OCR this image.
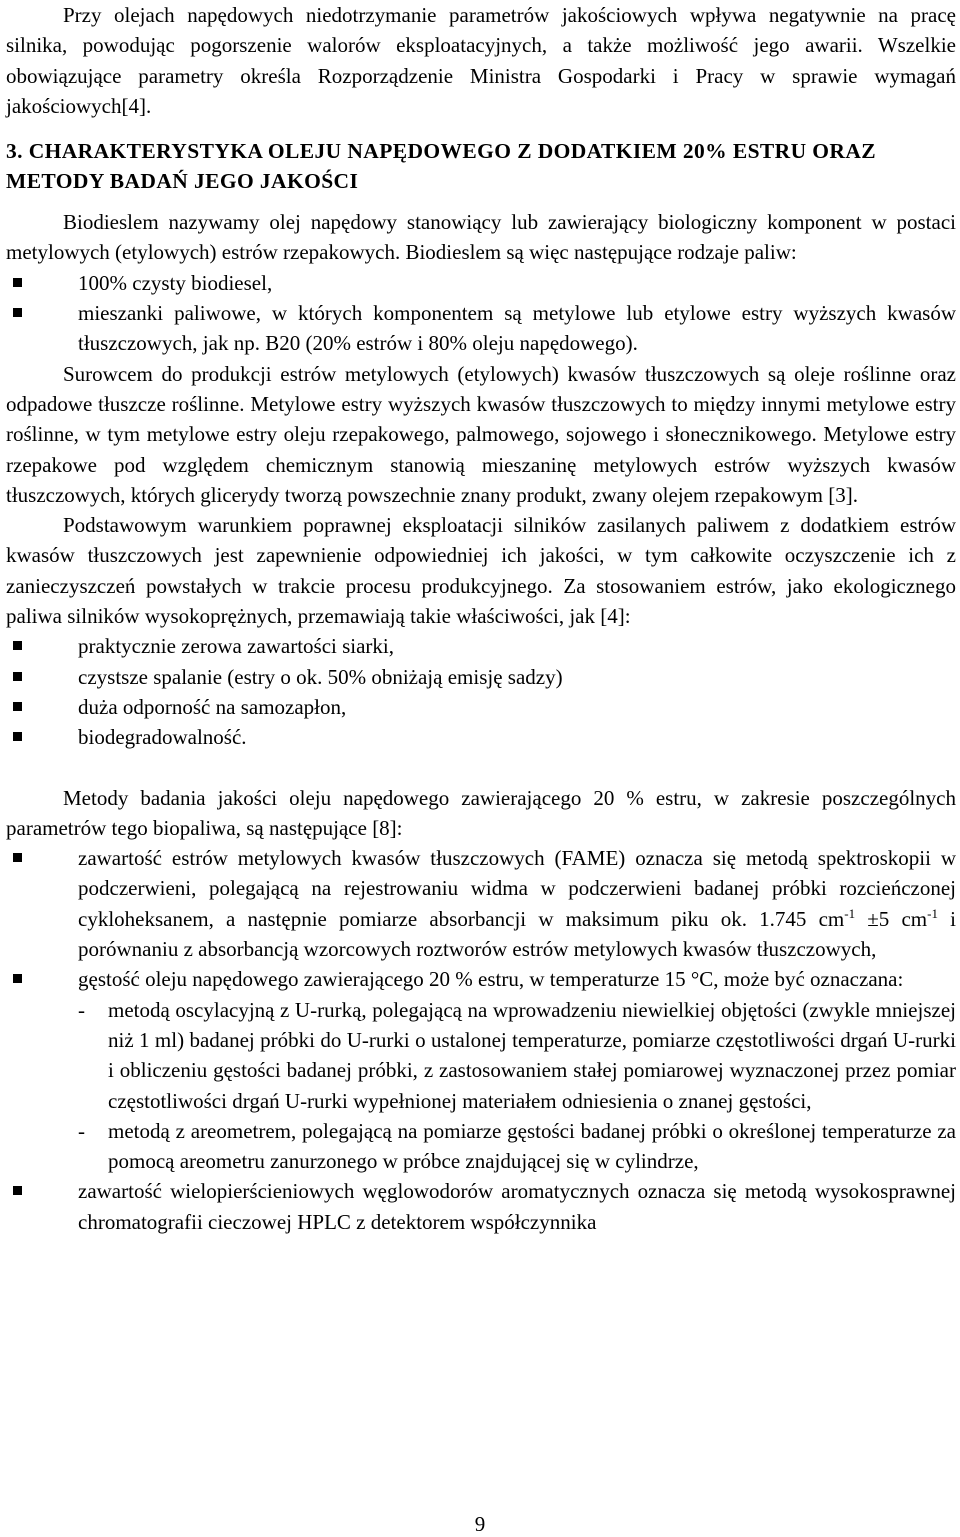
Przy olejach napędowych niedotrzymanie parametrów jakościowych wpływa negatywnie na pracę silnika, powodując pogorszenie walorów eksploatacyjnych, a także możliwość jego awarii. Wszelkie obowiązujące parametry określa Rozporządzenie Ministra Gospodarki i Pracy w sprawie wymagań jakościowych[4].

3. CHARAKTERYSTYKA OLEJU NAPĘDOWEGO Z DODATKIEM 20% ESTRU ORAZ METODY BADAŃ JEGO JAKOŚCI

Biodieslem nazywamy olej napędowy stanowiący lub zawierający biologiczny komponent w postaci metylowych (etylowych) estrów rzepakowych. Biodieslem są więc następujące rodzaje paliw:

100% czysty biodiesel,
mieszanki paliwowe, w których komponentem są metylowe lub etylowe estry wyższych kwasów tłuszczowych, jak np. B20 (20% estrów i 80% oleju napędowego).

Surowcem do produkcji estrów metylowych (etylowych) kwasów tłuszczowych są oleje roślinne oraz odpadowe tłuszcze roślinne. Metylowe estry wyższych kwasów tłuszczowych to między innymi metylowe estry roślinne, w tym metylowe estry oleju rzepakowego, palmowego, sojowego i słonecznikowego. Metylowe estry rzepakowe pod względem chemicznym stanowią mieszaninę metylowych estrów wyższych kwasów tłuszczowych, których glicerydy tworzą powszechnie znany produkt, zwany olejem rzepakowym [3].

Podstawowym warunkiem poprawnej eksploatacji silników zasilanych paliwem z dodatkiem estrów kwasów tłuszczowych jest zapewnienie odpowiedniej ich jakości, w tym całkowite oczyszczenie ich z zanieczyszczeń powstałych w trakcie procesu produkcyjnego. Za stosowaniem estrów, jako ekologicznego paliwa silników wysokoprężnych, przemawiają takie właściwości, jak [4]:

praktycznie zerowa zawartości siarki,
czystsze spalanie (estry o ok. 50% obniżają emisję sadzy)
duża odporność na samozapłon,
biodegradowalność.

Metody badania jakości oleju napędowego zawierającego 20 % estru, w zakresie poszczególnych parametrów tego biopaliwa, są następujące [8]:

zawartość estrów metylowych kwasów tłuszczowych (FAME) oznacza się metodą spektroskopii w podczerwieni, polegającą na rejestrowaniu widma w podczerwieni badanej próbki rozcieńczonej cykloheksanem, a następnie pomiarze absorbancji w maksimum piku ok. 1.745 $cm^{-1} \pm 5$ $cm^{-1}$ i porównaniu z absorbancją wzorcowych roztworów estrów metylowych kwasów tłuszczowych,
gęstość oleju napędowego zawierającego 20 % estru, w temperaturze 15 °C, może być oznaczana:
- metodą oscylacyjną z U-rurką, polegającą na wprowadzeniu niewielkiej objętości (zwykle mniejszej niż 1 ml) badanej próbki do U-rurki o ustalonej temperaturze, pomiarze częstotliwości drgań U-rurki i obliczeniu gęstości badanej próbki, z zastosowaniem stałej pomiarowej wyznaczonej przez pomiar częstotliwości drgań U-rurki wypełnionej materiałem odniesienia o znanej gęstości,
- metodą z areometrem, polegającą na pomiarze gęstości badanej próbki o określonej temperaturze za pomocą areometru zanurzonego w próbce znajdującej się w cylindrze,
zawartość wielopierścieniowych węglowodorów aromatycznych oznacza się metodą wysokosprawnej chromatografii cieczowej HPLC z detektorem współczynnika
9
